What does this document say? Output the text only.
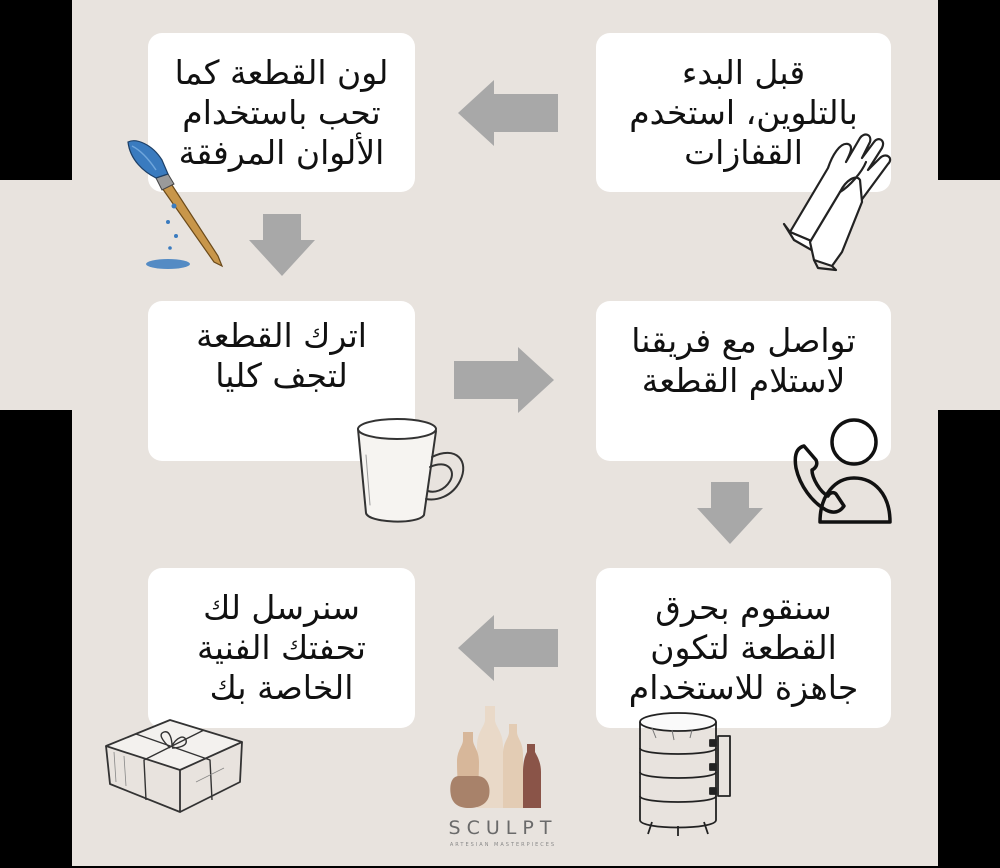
قبل البدء
بالتلوين، استخدم
القفازات
لون القطعة كما
تحب باستخدام
الألوان المرفقة
اترك القطعة
لتجف كليا
تواصل مع فريقنا
لاستلام القطعة
سنقوم بحرق
القطعة لتكون
جاهزة للاستخدام
سنرسل لك
تحفتك الفنية
الخاصة بك
SCULPT
ARTESIAN MASTERPIECES
